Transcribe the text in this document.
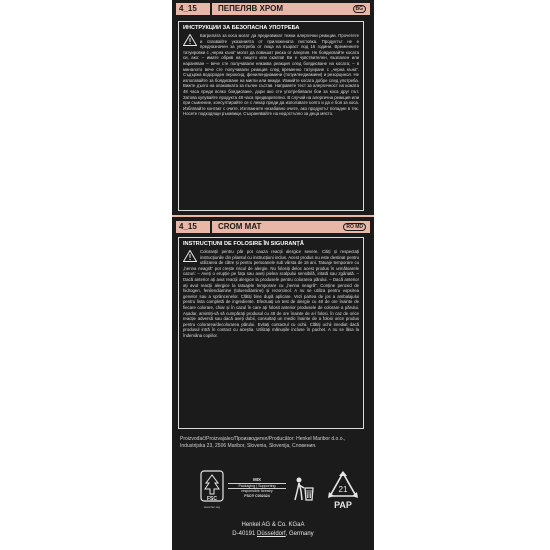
4_15	ПЕПЕЛЯВ ХРОМ	BG
ИНСТРУКЦИИ ЗА БЕЗОПАСНА УПОТРЕБА

Багрилата за коса могат да предизвикат тежки алергични реакции. Прочетете и спазвайте указанията от приложената листовка. Продуктът не е предназначен за употреба от лица на възраст под 16 години. Временните татуировки с „черна къна“ могат да повишат риска от алергия. Не боядисвайте косата си, ако: – имате обрив на лицето или скалпа! Ви е чувствителен, възпален или нараняван – вече сте получавали някаква реакция след боядисване на косата; – в миналото вече сте получавали реакция след временно татуиране с „черна къна“. Съдържа водороден пероксид, фенилендиамини (толуилендиамини) и резорцинол. Не използвайте за боядисване на мигли или вежди. Измийте косата добре след употреба. Вижте дълго на опаковката за пълен състав. Направете тест за алергичност на кожата 48 часа преди всяко боядисване, дори ако сте употребявали бои за коса друг път. Затова купувайте продукта 48 часа предварително. В случай на алергична реакция или при съмнение, консултирайте се с лекар преди да използвате която и да е боя за коса. Избягвайте контакт с очите. Изплакнете незабавно очите, ако продуктът попадне в тях. Носете подходящи ръкавици. Съхранявайте на недостъпно за деца място.

4_15	CROM MAT	RO MD
INSTRUCȚIUNI DE FOLOSIRE ÎN SIGURANȚĂ

Coloranții pentru păr pot cauza reacții alergice severe. Citiți și respectați instrucțiunile din pliantul cu instrucțiuni inclus. Acest produs nu este destinat pentru utilizarea de către și pentru persoanele sub vârsta de 16 ani. Tatuaje temporare cu „henna neagră“ pot crește riscul de alergie. Nu folosiți deloc acest produs în următoarele cazuri: – Aveți o erupție pe fața sau aveți pielea scalpului sensibilă, iritată sau zgâriată. – Dacă anterior ați avut reacții alergice la produsele pentru colorarea părului. – Dacă anterior ați avut reacții alergice la tatuajele temporare cu „henna neagră“. Conține peroxid de hidrogen, fenilendiamine (toluendiamine) și rezorcinol. A nu se utiliza pentru vopsirea genelor sau a sprâncenelor. Clătiți bine după aplicare. Vezi partea de jos a ambalajului pentru lista completă de ingrediente. Efectuați un test de alergie cu 48 de ore înainte de fiecare colorare, chiar și în cazul în care ați folosit anterior produsele de colorare a părului. Așadar, amintiți-vă să cumpărați produsul cu 48 de ore înainte de a-l folosi. În caz de orice reacție adversă sau dacă aveți dubii, consultați un medic înainte de a folosi orice produs pentru colorarea/decolorarea părului. Evitați contactul cu ochii. Clătiți ochii imediat dacă produsul intră în contact cu aceștia. Utilizați mănușile incluse în pachet. A nu se lăsa la îndemâna copiilor.

Proizvođač/Proizvajalec/Производител/Producător: Henkel Maribor d.o.o., Industrijska 23, 2506 Maribor, Slovenia, Slovenija, Словения.
FSC
www.fsc.org
MIX
Packaging | Supporting
responsible forestry
FSC® C002324
21
PAP
Henkel AG & Co. KGaA
D-40191 Düsseldorf, Germany
